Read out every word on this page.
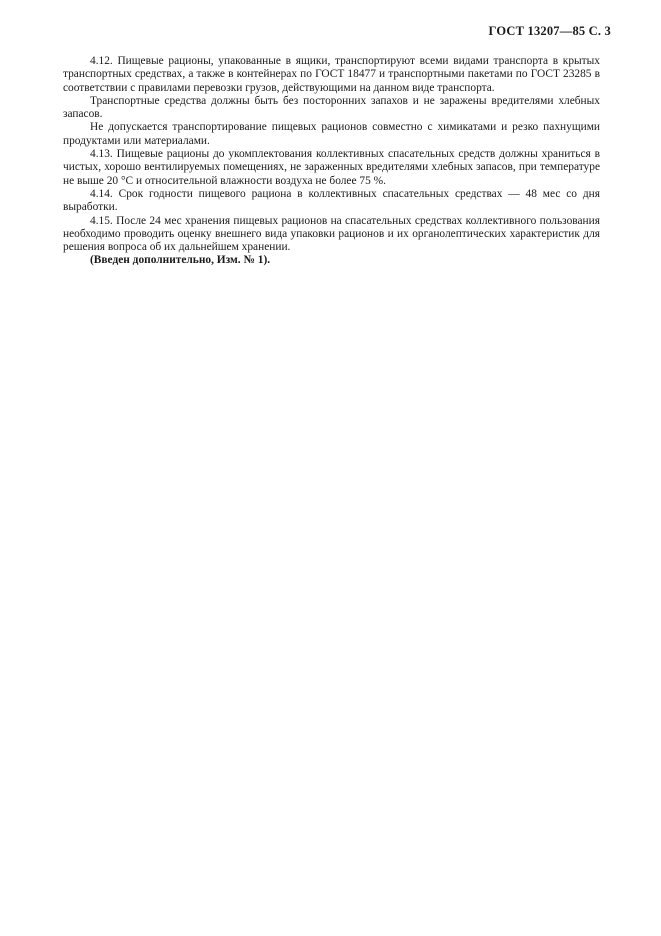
ГОСТ 13207—85 С. 3

4.12. Пищевые рационы, упакованные в ящики, транспортируют всеми видами транспорта в крытых транспортных средствах, а также в контейнерах по ГОСТ 18477 и транспортными пакетами по ГОСТ 23285 в соответствии с правилами перевозки грузов, действующими на данном виде транспорта.

Транспортные средства должны быть без посторонних запахов и не заражены вредителями хлебных запасов.

Не допускается транспортирование пищевых рационов совместно с химикатами и резко пахнущими продуктами или материалами.

4.13. Пищевые рационы до укомплектования коллективных спасательных средств должны храниться в чистых, хорошо вентилируемых помещениях, не зараженных вредителями хлебных запасов, при температуре не выше 20 °С и относительной влажности воздуха не более 75 %.

4.14. Срок годности пищевого рациона в коллективных спасательных средствах — 48 мес со дня выработки.

4.15. После 24 мес хранения пищевых рационов на спасательных средствах коллективного пользования необходимо проводить оценку внешнего вида упаковки рационов и их органолептических характеристик для решения вопроса об их дальнейшем хранении.

(Введен дополнительно, Изм. № 1).
